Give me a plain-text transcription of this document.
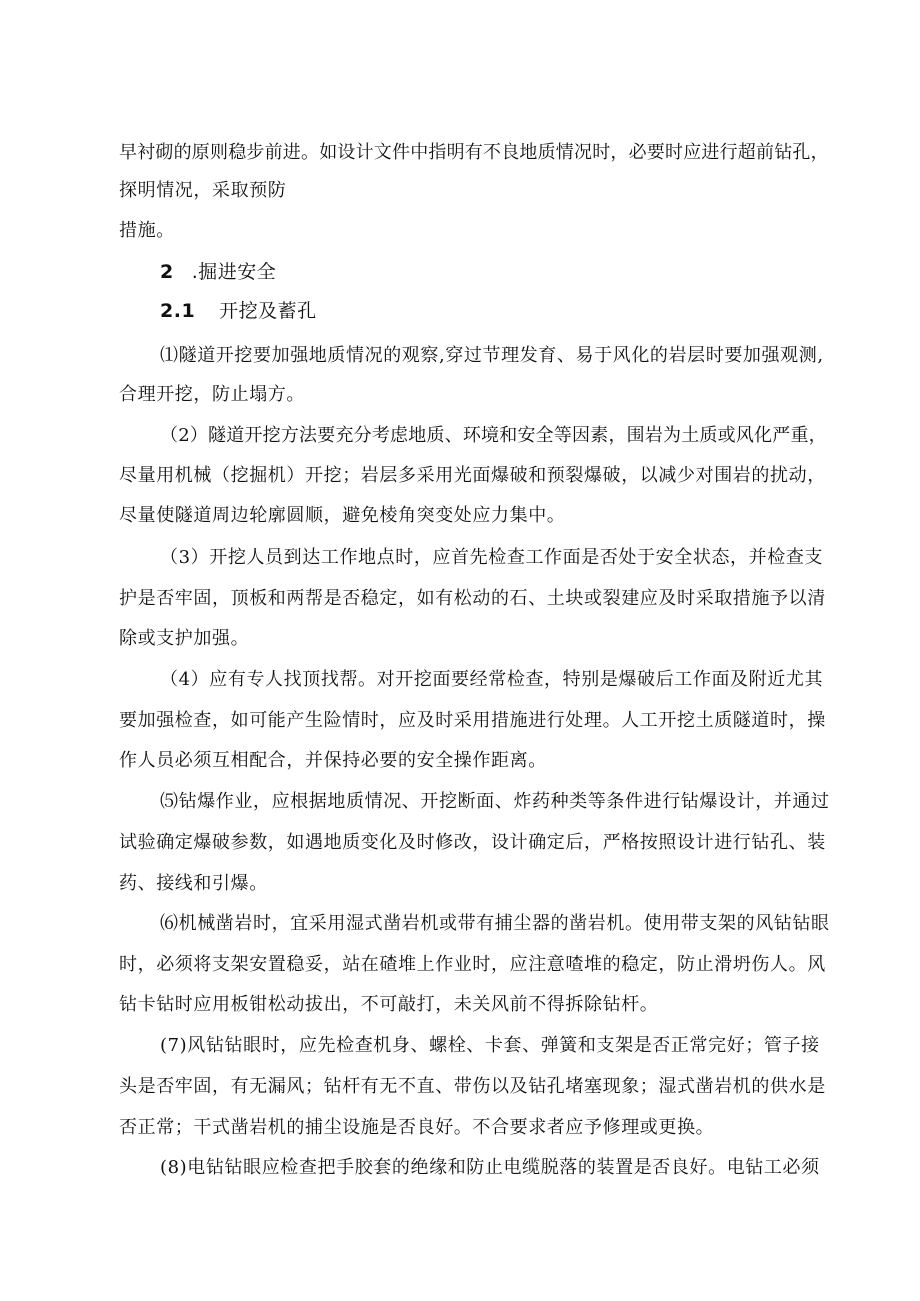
早衬砌的原则稳步前进。如设计文件中指明有不良地质情况时，必要时应进行超前钻孔，
探明情况，采取预防
措施。
2 .掘进安全
2.1 开挖及蓄孔
⑴隧道开挖要加强地质情况的观察,穿过节理发育、易于风化的岩层时要加强观测,
合理开挖，防止塌方。
（2）隧道开挖方法要充分考虑地质、环境和安全等因素，围岩为土质或风化严重，
尽量用机械（挖掘机）开挖；岩层多采用光面爆破和预裂爆破，以减少对围岩的扰动，
尽量使隧道周边轮廓圆顺，避免棱角突变处应力集中。
（3）开挖人员到达工作地点时，应首先检查工作面是否处于安全状态，并检查支
护是否牢固，顶板和两帮是否稳定，如有松动的石、土块或裂建应及时采取措施予以清
除或支护加强。
（4）应有专人找顶找帮。对开挖面要经常检查，特别是爆破后工作面及附近尤其
要加强检查，如可能产生险情时，应及时采用措施进行处理。人工开挖土质隧道时，操
作人员必须互相配合，并保持必要的安全操作距离。
⑸钻爆作业，应根据地质情况、开挖断面、炸药种类等条件进行钻爆设计，并通过
试验确定爆破参数，如遇地质变化及时修改，设计确定后，严格按照设计进行钻孔、装
药、接线和引爆。
⑹机械凿岩时，宜采用湿式凿岩机或带有捕尘器的凿岩机。使用带支架的风钻钻眼
时，必须将支架安置稳妥，站在碴堆上作业时，应注意喳堆的稳定，防止滑坍伤人。风
钻卡钻时应用板钳松动拔出，不可敲打，未关风前不得拆除钻杆。
(7)风钻钻眼时，应先检查机身、螺栓、卡套、弹簧和支架是否正常完好；管子接
头是否牢固，有无漏风；钻杆有无不直、带伤以及钻孔堵塞现象；湿式凿岩机的供水是
否正常；干式凿岩机的捕尘设施是否良好。不合要求者应予修理或更换。
(8)电钻钻眼应检查把手胶套的绝缘和防止电缆脱落的装置是否良好。电钻工必须
